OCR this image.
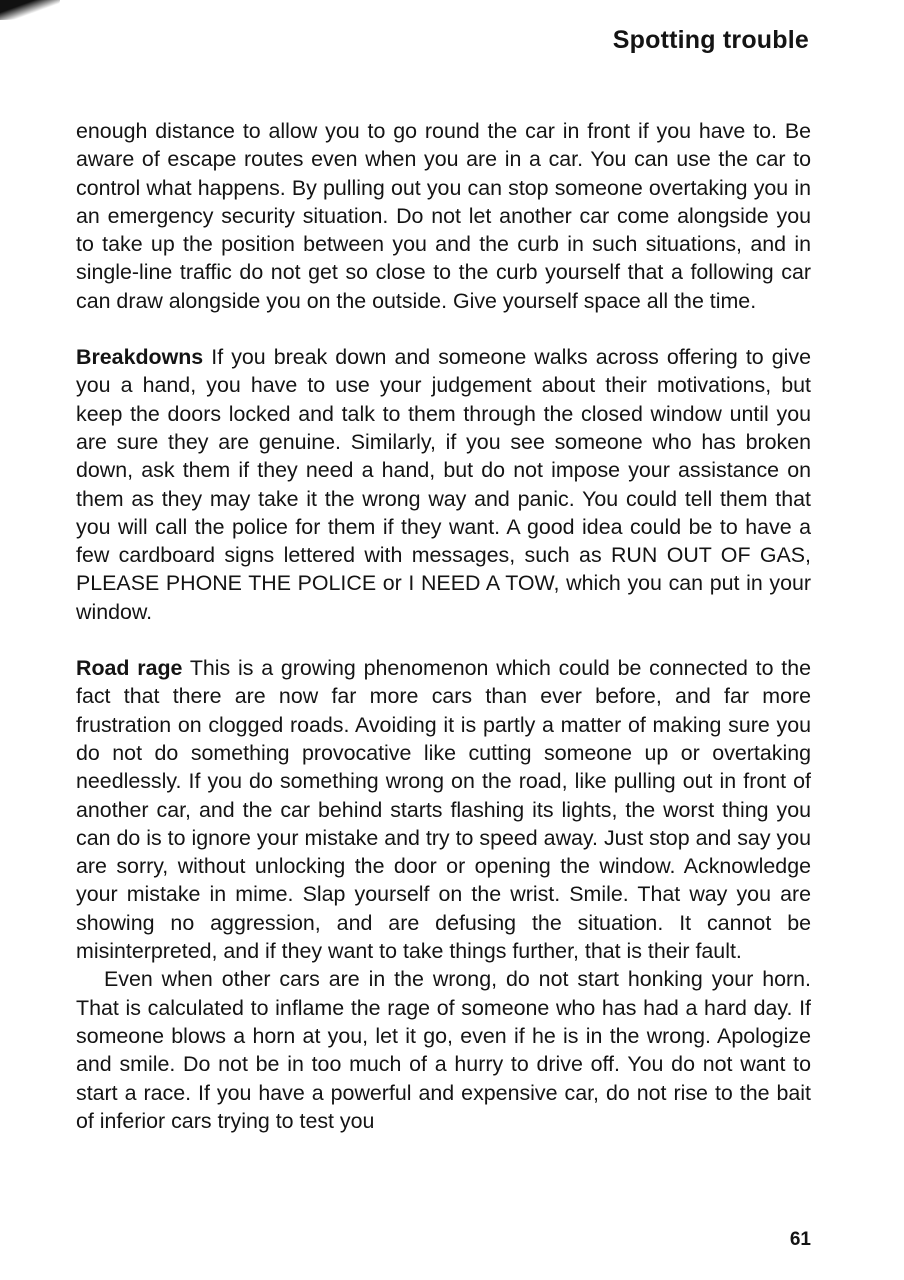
Spotting trouble

enough distance to allow you to go round the car in front if you have to. Be aware of escape routes even when you are in a car. You can use the car to control what happens. By pulling out you can stop someone overtaking you in an emergency security situation. Do not let another car come alongside you to take up the position between you and the curb in such situations, and in single-line traffic do not get so close to the curb yourself that a following car can draw alongside you on the outside. Give yourself space all the time.

Breakdowns If you break down and someone walks across offering to give you a hand, you have to use your judgement about their motivations, but keep the doors locked and talk to them through the closed window until you are sure they are genuine. Similarly, if you see someone who has broken down, ask them if they need a hand, but do not impose your assistance on them as they may take it the wrong way and panic. You could tell them that you will call the police for them if they want. A good idea could be to have a few cardboard signs lettered with messages, such as RUN OUT OF GAS, PLEASE PHONE THE POLICE or I NEED A TOW, which you can put in your window.

Road rage This is a growing phenomenon which could be connected to the fact that there are now far more cars than ever before, and far more frustration on clogged roads. Avoiding it is partly a matter of making sure you do not do something provocative like cutting someone up or overtaking needlessly. If you do something wrong on the road, like pulling out in front of another car, and the car behind starts flashing its lights, the worst thing you can do is to ignore your mistake and try to speed away. Just stop and say you are sorry, without unlocking the door or opening the window. Acknowledge your mistake in mime. Slap yourself on the wrist. Smile. That way you are showing no aggression, and are defusing the situation. It cannot be misinterpreted, and if they want to take things further, that is their fault.

Even when other cars are in the wrong, do not start honking your horn. That is calculated to inflame the rage of someone who has had a hard day. If someone blows a horn at you, let it go, even if he is in the wrong. Apologize and smile. Do not be in too much of a hurry to drive off. You do not want to start a race. If you have a powerful and expensive car, do not rise to the bait of inferior cars trying to test you

61
